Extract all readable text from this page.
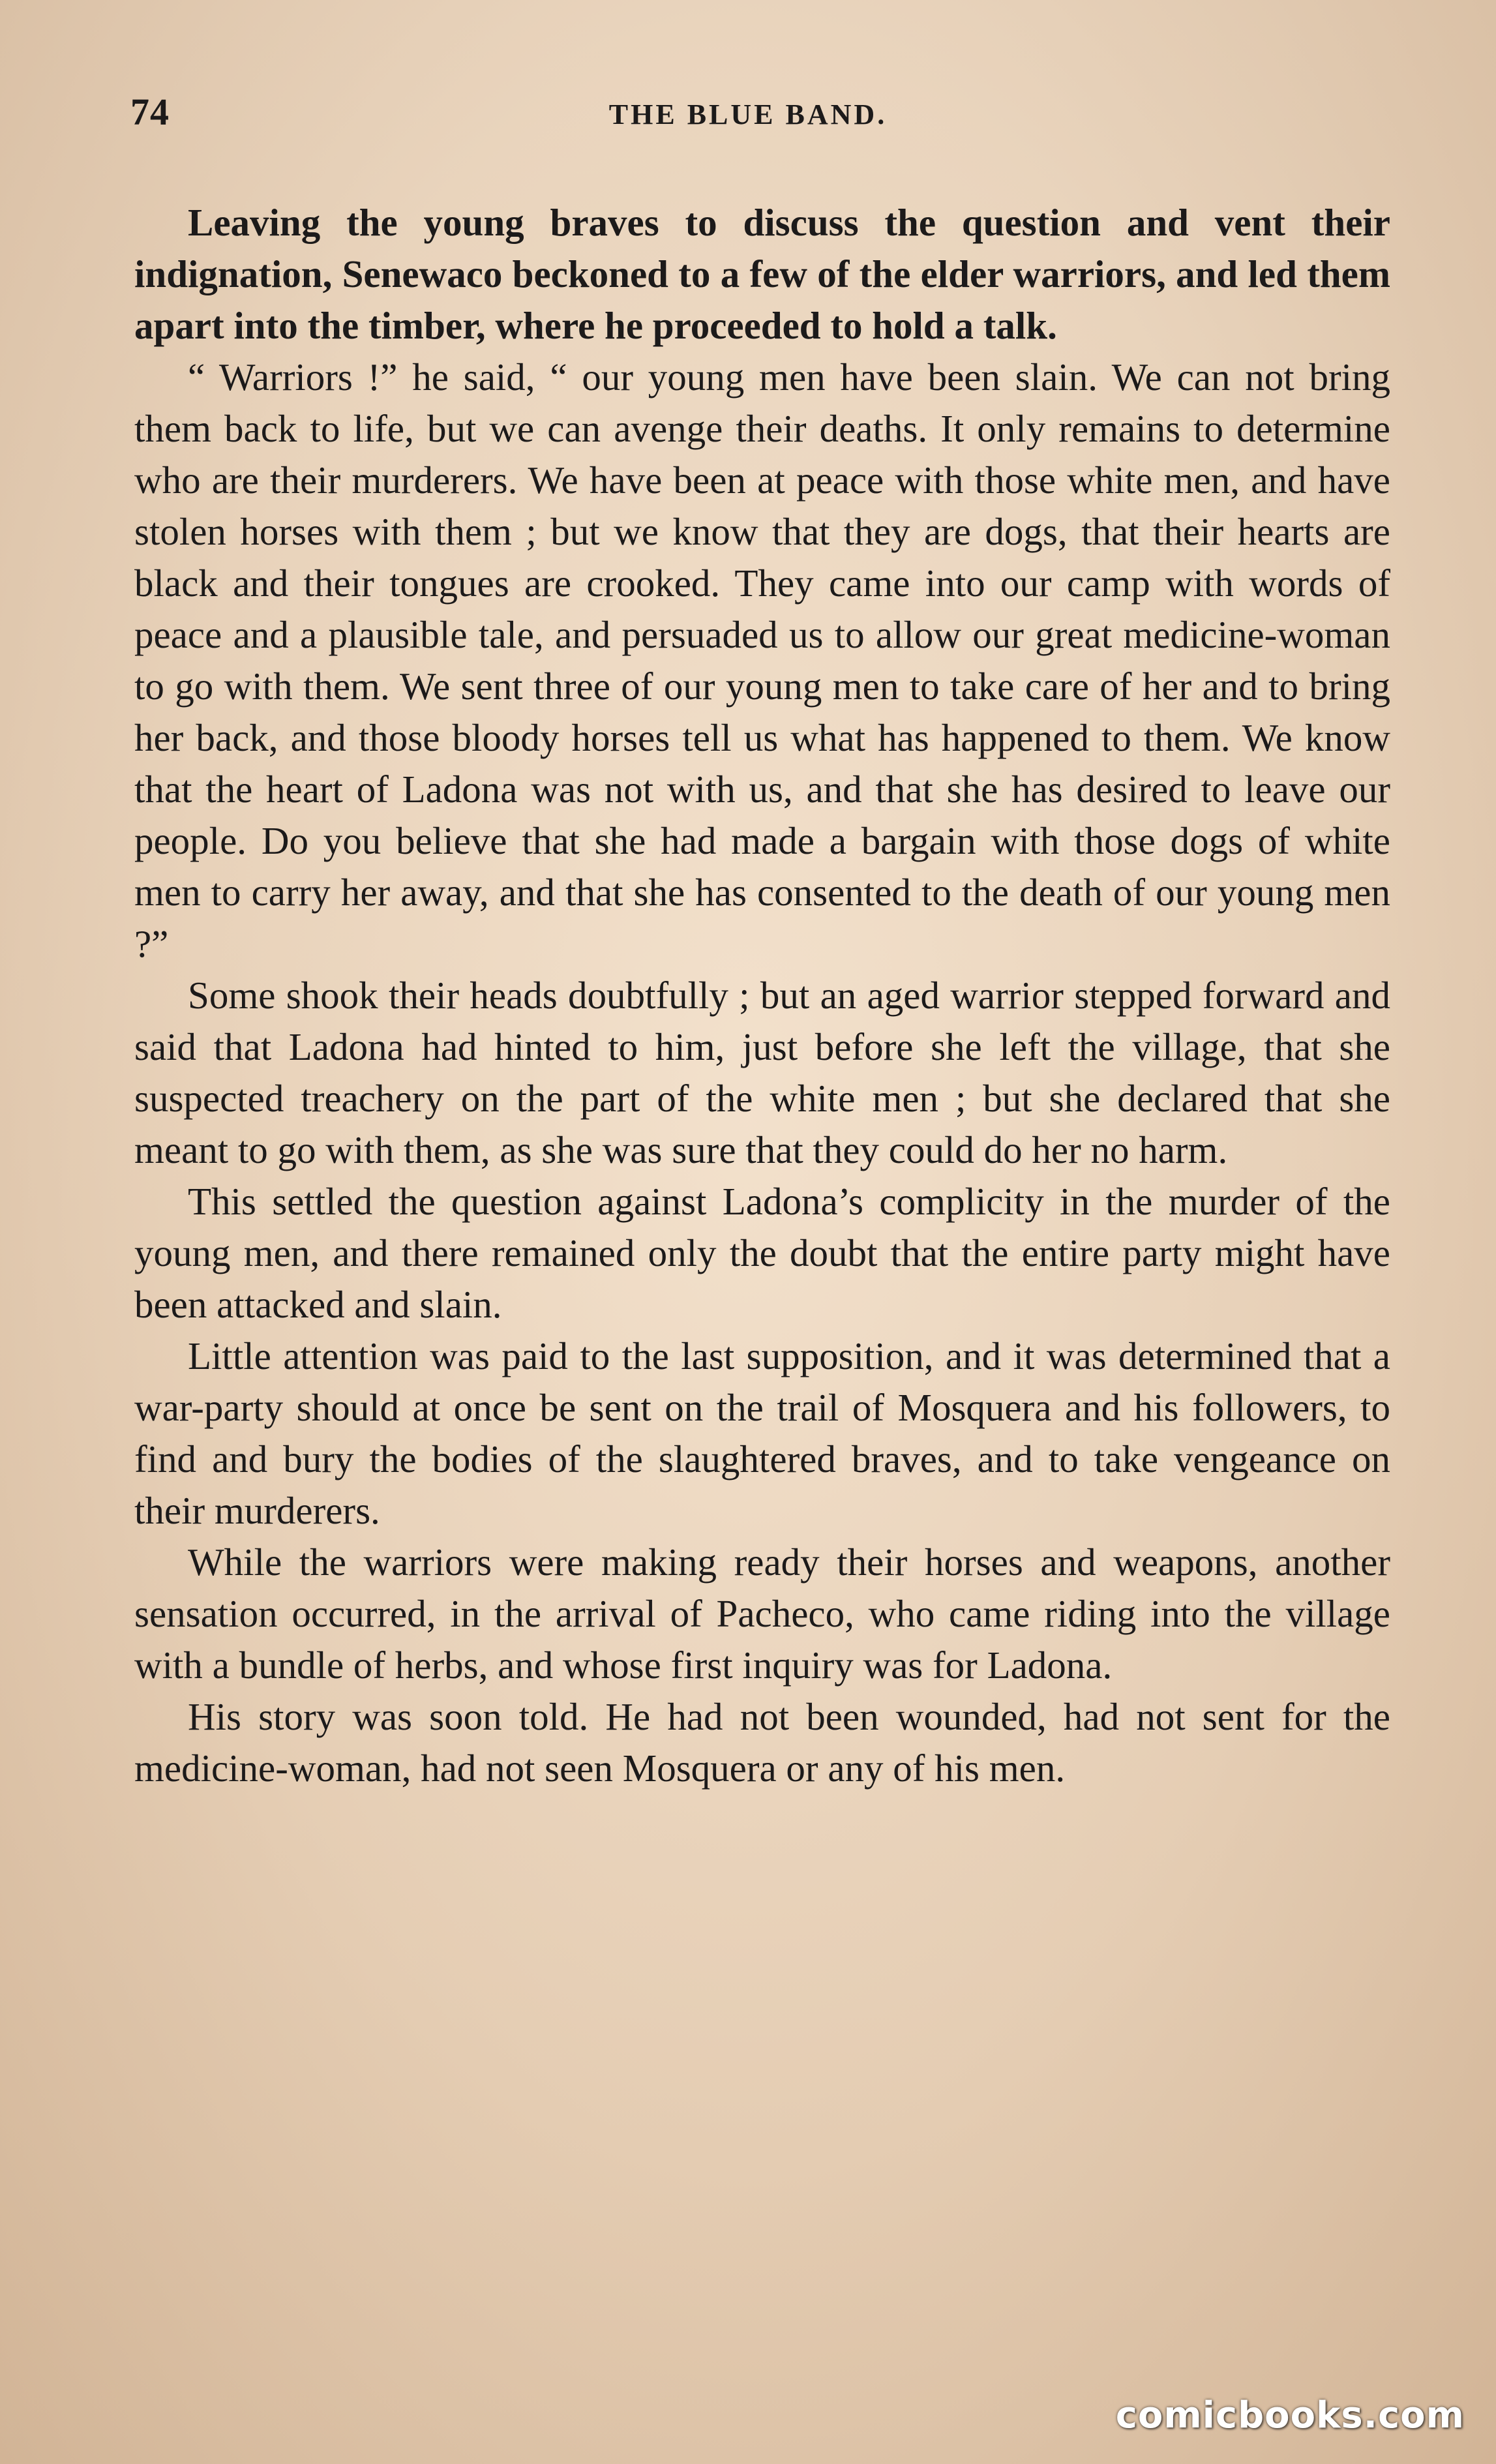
74	THE BLUE BAND.

Leaving the young braves to discuss the question and vent their indignation, Senewaco beckoned to a few of the elder warriors, and led them apart into the timber, where he proceeded to hold a talk.

“ Warriors !” he said, “ our young men have been slain. We can not bring them back to life, but we can avenge their deaths. It only remains to determine who are their murderers. We have been at peace with those white men, and have stolen horses with them ; but we know that they are dogs, that their hearts are black and their tongues are crooked. They came into our camp with words of peace and a plausible tale, and persuaded us to allow our great medicine-woman to go with them. We sent three of our young men to take care of her and to bring her back, and those bloody horses tell us what has happened to them. We know that the heart of Ladona was not with us, and that she has desired to leave our people. Do you believe that she had made a bargain with those dogs of white men to carry her away, and that she has consented to the death of our young men ?”

Some shook their heads doubtfully ; but an aged warrior stepped forward and said that Ladona had hinted to him, just before she left the village, that she suspected treachery on the part of the white men ; but she declared that she meant to go with them, as she was sure that they could do her no harm.

This settled the question against Ladona’s complicity in the murder of the young men, and there remained only the doubt that the entire party might have been attacked and slain.

Little attention was paid to the last supposition, and it was determined that a war-party should at once be sent on the trail of Mosquera and his followers, to find and bury the bodies of the slaughtered braves, and to take vengeance on their murderers.

While the warriors were making ready their horses and weapons, another sensation occurred, in the arrival of Pacheco, who came riding into the village with a bundle of herbs, and whose first inquiry was for Ladona.

His story was soon told. He had not been wounded, had not sent for the medicine-woman, had not seen Mosquera or any of his men.

comicbooks.com
